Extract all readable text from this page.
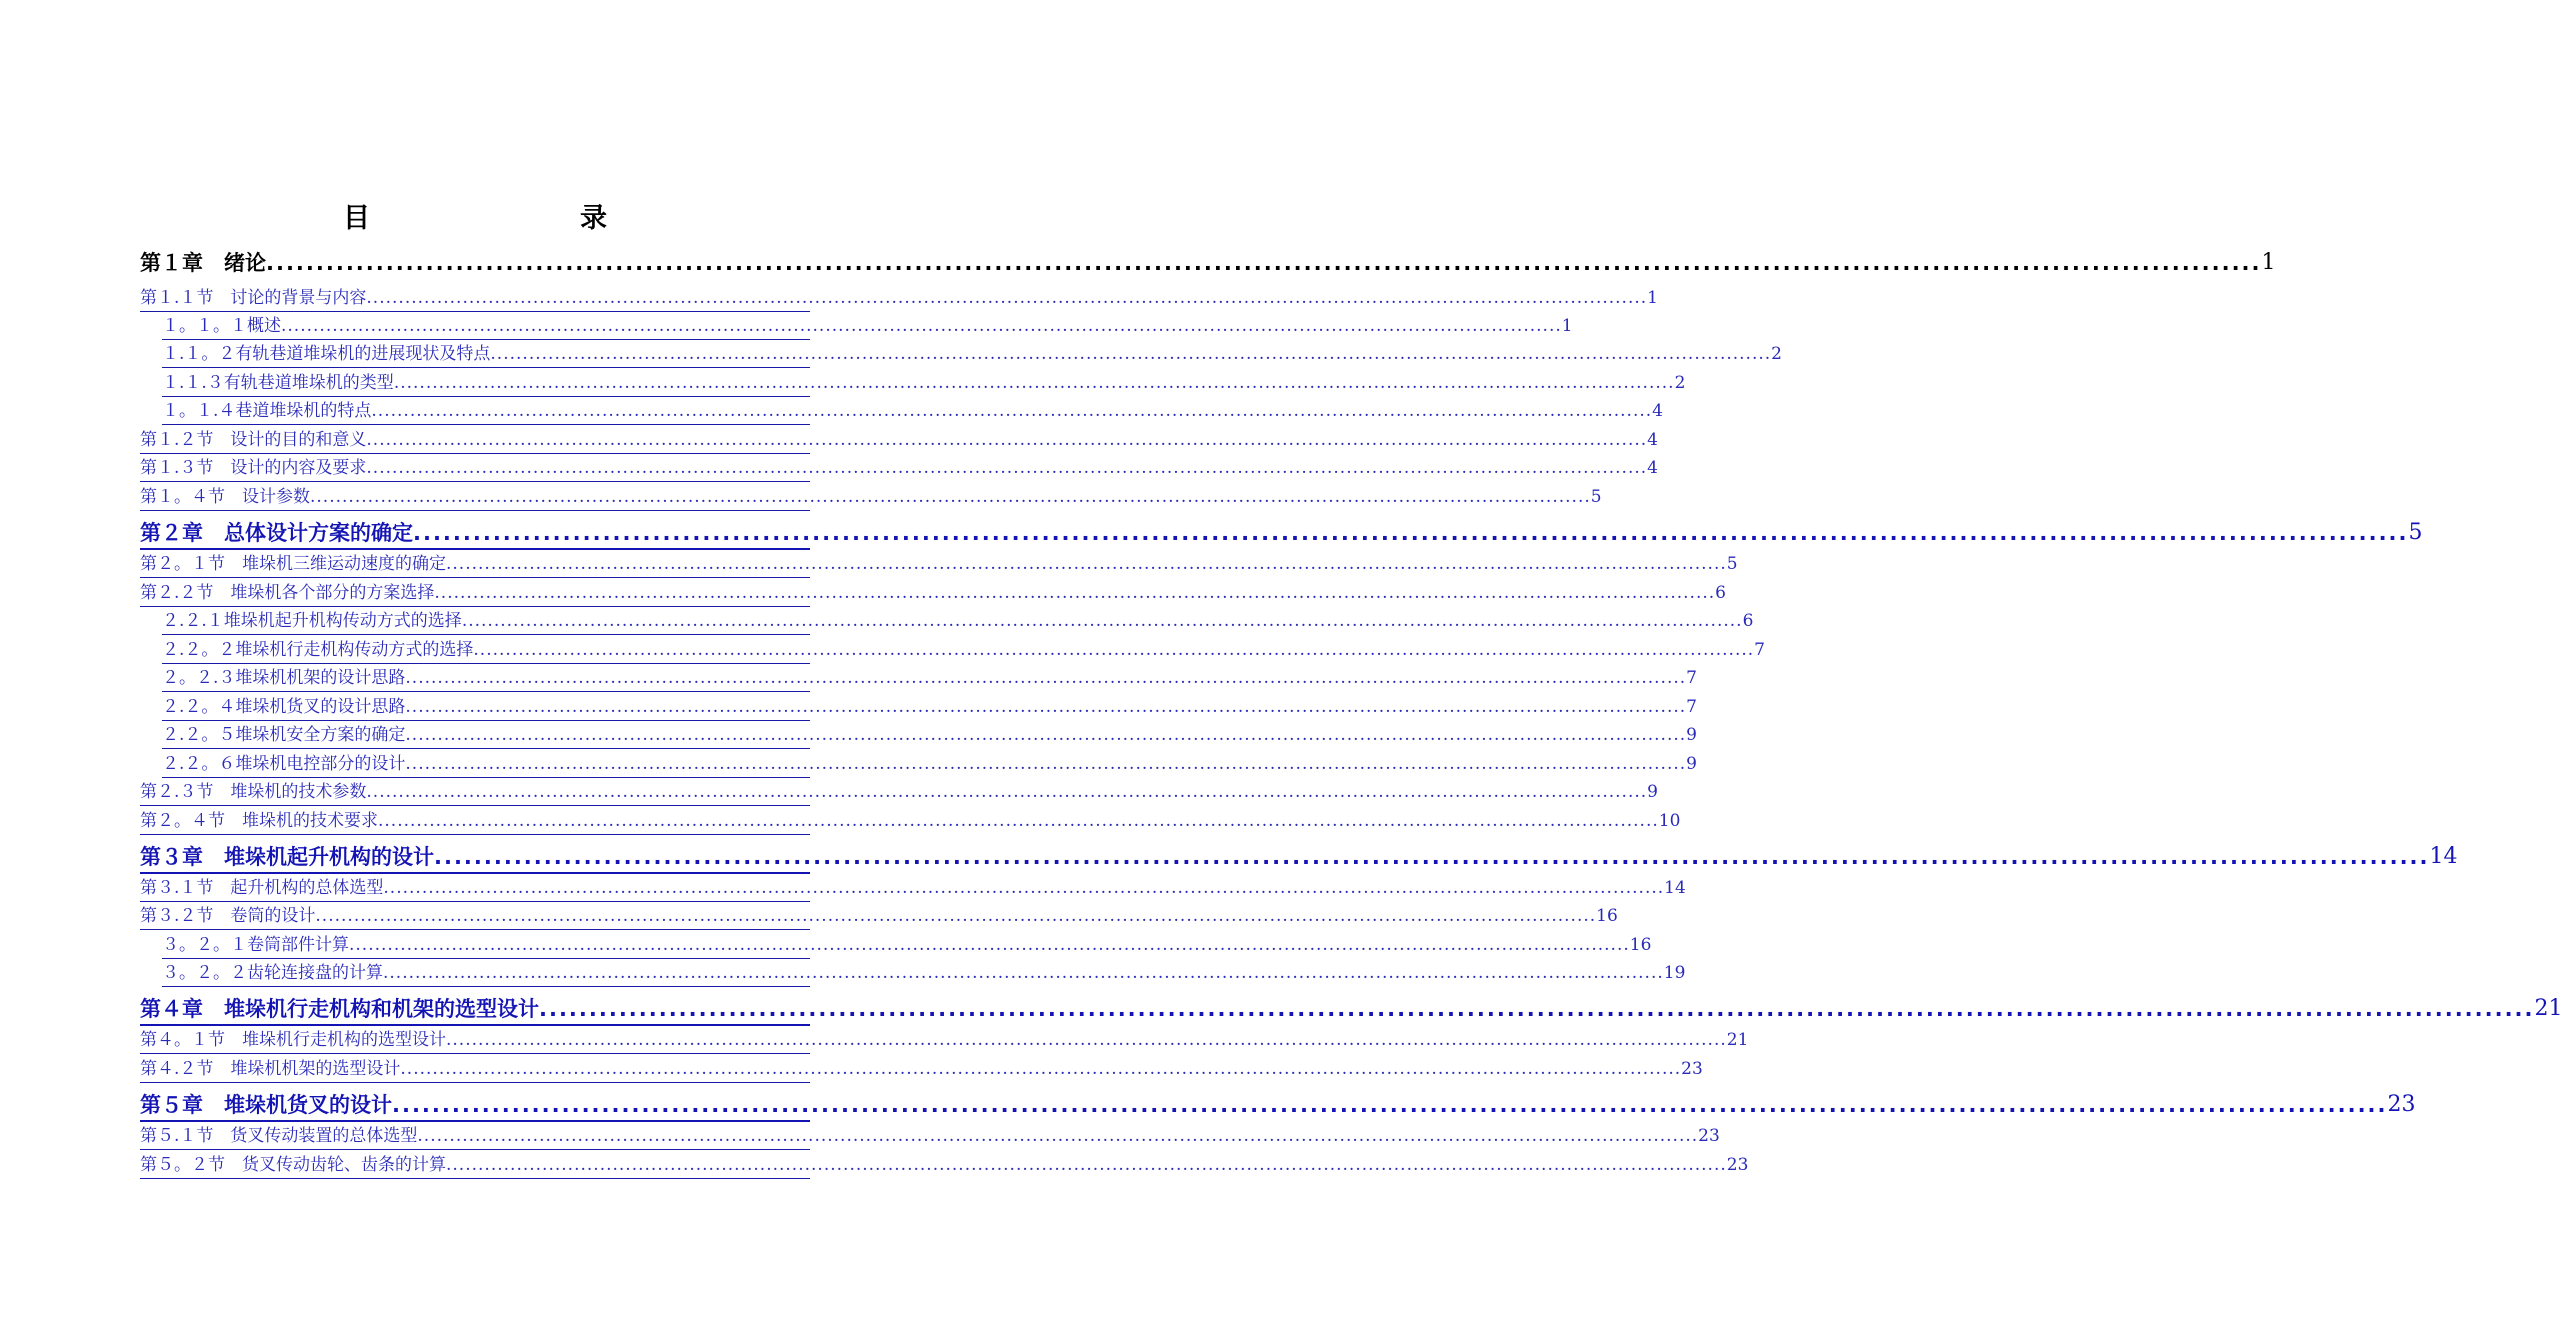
目　　录
第１章　绪论 ........................................................................................................................................................................................................ 1
第１.１节　讨论的背景与内容 ........................................................................................................................................................................................................ 1
１。１。１概述 ........................................................................................................................................................................................................ 1
１.１。２有轨巷道堆垛机的进展现状及特点 ........................................................................................................................................................................................................ 2
１.１.３有轨巷道堆垛机的类型 ........................................................................................................................................................................................................ 2
１。１.４巷道堆垛机的特点 ........................................................................................................................................................................................................ 4
第１.２节　设计的目的和意义 ........................................................................................................................................................................................................ 4
第１.３节　设计的内容及要求 ........................................................................................................................................................................................................ 4
第１。４节　设计参数 ........................................................................................................................................................................................................ 5
第２章　总体设计方案的确定 ........................................................................................................................................................................................................ 5
第２。１节　堆垛机三维运动速度的确定 ........................................................................................................................................................................................................ 5
第２.２节　堆垛机各个部分的方案选择 ........................................................................................................................................................................................................ 6
２.２.１堆垛机起升机构传动方式的选择 ........................................................................................................................................................................................................ 6
２.２。２堆垛机行走机构传动方式的选择 ........................................................................................................................................................................................................ 7
２。２.３堆垛机机架的设计思路 ........................................................................................................................................................................................................ 7
２.２。４堆垛机货叉的设计思路 ........................................................................................................................................................................................................ 7
２.２。５堆垛机安全方案的确定 ........................................................................................................................................................................................................ 9
２.２。６堆垛机电控部分的设计 ........................................................................................................................................................................................................ 9
第２.３节　堆垛机的技术参数 ........................................................................................................................................................................................................ 9
第２。４节　堆垛机的技术要求 ........................................................................................................................................................................................................ 10
第３章　堆垛机起升机构的设计 ........................................................................................................................................................................................................ 14
第３.１节　起升机构的总体选型 ........................................................................................................................................................................................................ 14
第３.２节　卷筒的设计 ........................................................................................................................................................................................................ 16
３。２。１卷筒部件计算 ........................................................................................................................................................................................................ 16
３。２。２齿轮连接盘的计算 ........................................................................................................................................................................................................ 19
第４章　堆垛机行走机构和机架的选型设计 ........................................................................................................................................................................................................ 21
第４。１节　堆垛机行走机构的选型设计 ........................................................................................................................................................................................................ 21
第４.２节　堆垛机机架的选型设计 ........................................................................................................................................................................................................ 23
第５章　堆垛机货叉的设计 ........................................................................................................................................................................................................ 23
第５.１节　货叉传动装置的总体选型 ........................................................................................................................................................................................................ 23
第５。２节　货叉传动齿轮、齿条的计算 ........................................................................................................................................................................................................ 23
